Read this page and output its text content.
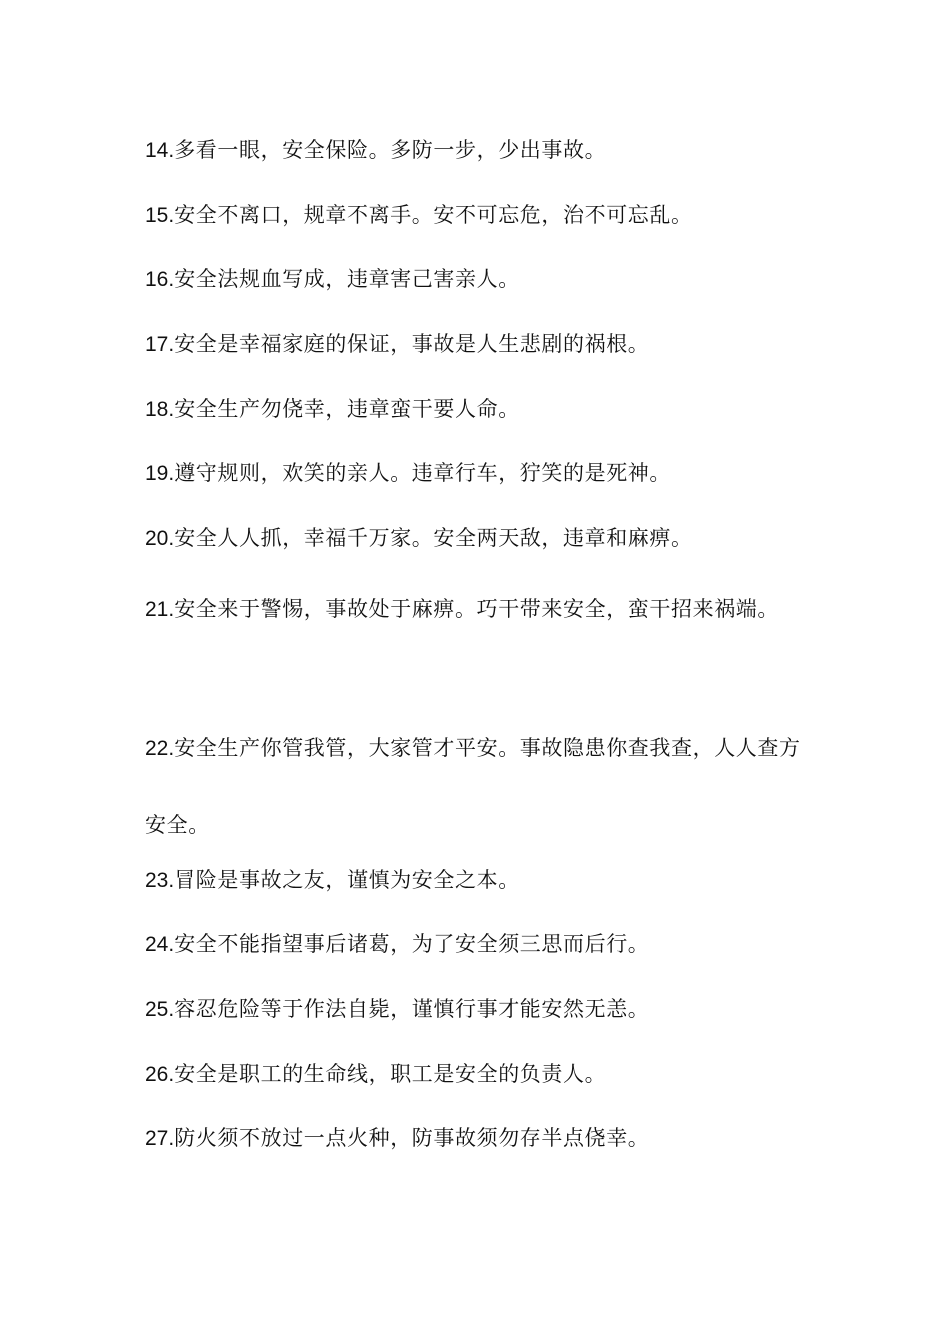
14.多看一眼，安全保险。多防一步，少出事故。

15.安全不离口，规章不离手。安不可忘危，治不可忘乱。

16.安全法规血写成，违章害己害亲人。

17.安全是幸福家庭的保证，事故是人生悲剧的祸根。

18.安全生产勿侥幸，违章蛮干要人命。

19.遵守规则，欢笑的亲人。违章行车，狞笑的是死神。

20.安全人人抓，幸福千万家。安全两天敌，违章和麻痹。

21.安全来于警惕，事故处于麻痹。巧干带来安全，蛮干招来祸端。

22.安全生产你管我管，大家管才平安。事故隐患你查我查，人人查方安全。

23.冒险是事故之友，谨慎为安全之本。

24.安全不能指望事后诸葛，为了安全须三思而后行。

25.容忍危险等于作法自毙，谨慎行事才能安然无恙。

26.安全是职工的生命线，职工是安全的负责人。

27.防火须不放过一点火种，防事故须勿存半点侥幸。
